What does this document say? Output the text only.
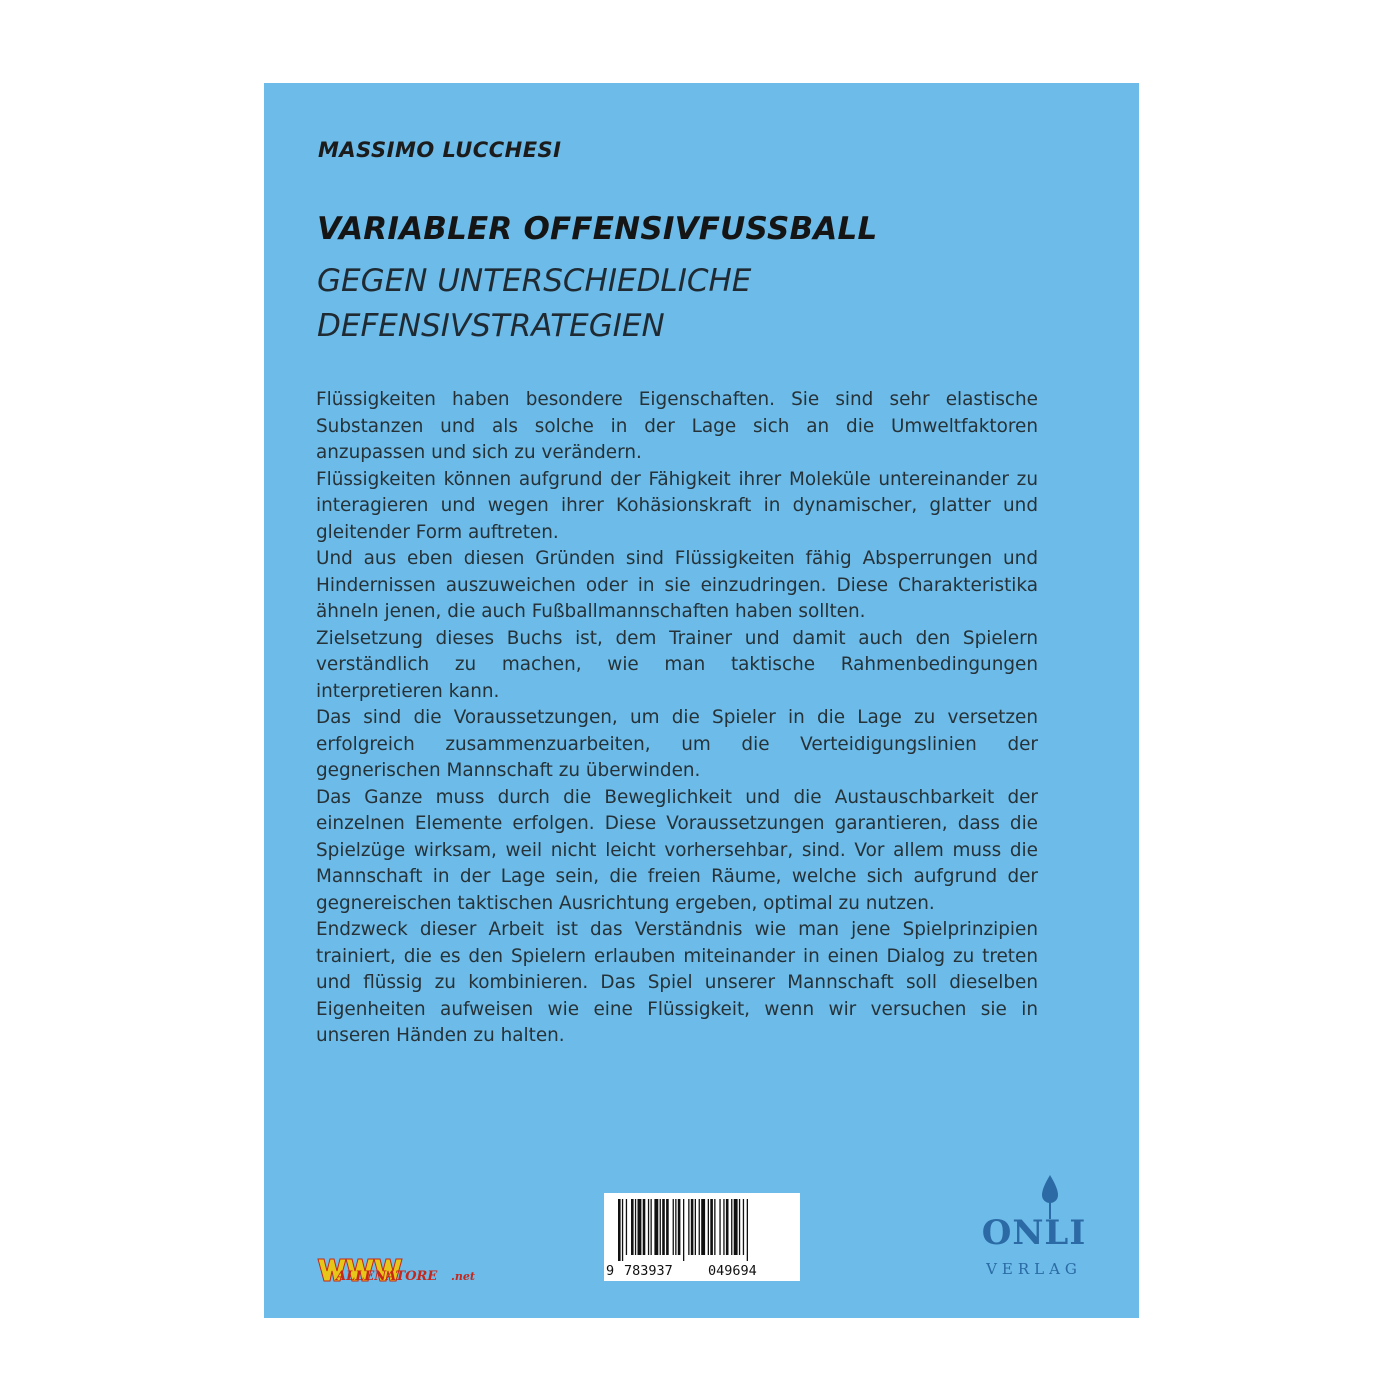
MASSIMO LUCCHESI
VARIABLER OFFENSIVFUSSBALL
GEGEN UNTERSCHIEDLICHE
DEFENSIVSTRATEGIEN

Flüssigkeiten haben besondere Eigenschaften. Sie sind sehr elastische Substanzen und als solche in der Lage sich an die Umweltfaktoren anzupassen und sich zu verändern.

Flüssigkeiten können aufgrund der Fähigkeit ihrer Moleküle untereinander zu interagieren und wegen ihrer Kohäsionskraft in dynamischer, glatter und gleitender Form auftreten.

Und aus eben diesen Gründen sind Flüssigkeiten fähig Absperrungen und Hindernissen auszuweichen oder in sie einzudringen. Diese Charakteristika ähneln jenen, die auch Fußballmannschaften haben sollten.

Zielsetzung dieses Buchs ist, dem Trainer und damit auch den Spielern verständlich zu machen, wie man taktische Rahmenbedingungen interpretieren kann.

Das sind die Voraussetzungen, um die Spieler in die Lage zu versetzen erfolgreich zusammenzuarbeiten, um die Verteidigungslinien der gegnerischen Mannschaft zu überwinden.

Das Ganze muss durch die Beweglichkeit und die Austauschbarkeit der einzelnen Elemente erfolgen. Diese Voraussetzungen garantieren, dass die Spielzüge wirksam, weil nicht leicht vorhersehbar, sind. Vor allem muss die Mannschaft in der Lage sein, die freien Räume, welche sich aufgrund der gegnereischen taktischen Ausrichtung ergeben, optimal zu nutzen.

Endzweck dieser Arbeit ist das Verständnis wie man jene Spielprinzipien trainiert, die es den Spielern erlauben miteinander in einen Dialog zu treten und flüssig zu kombinieren. Das Spiel unserer Mannschaft soll dieselben Eigenheiten aufweisen wie eine Flüssigkeit, wenn wir versuchen sie in unseren Händen zu halten.

ALLENATORE .net

	9

783937

	049694

ONLI
VERLAG
